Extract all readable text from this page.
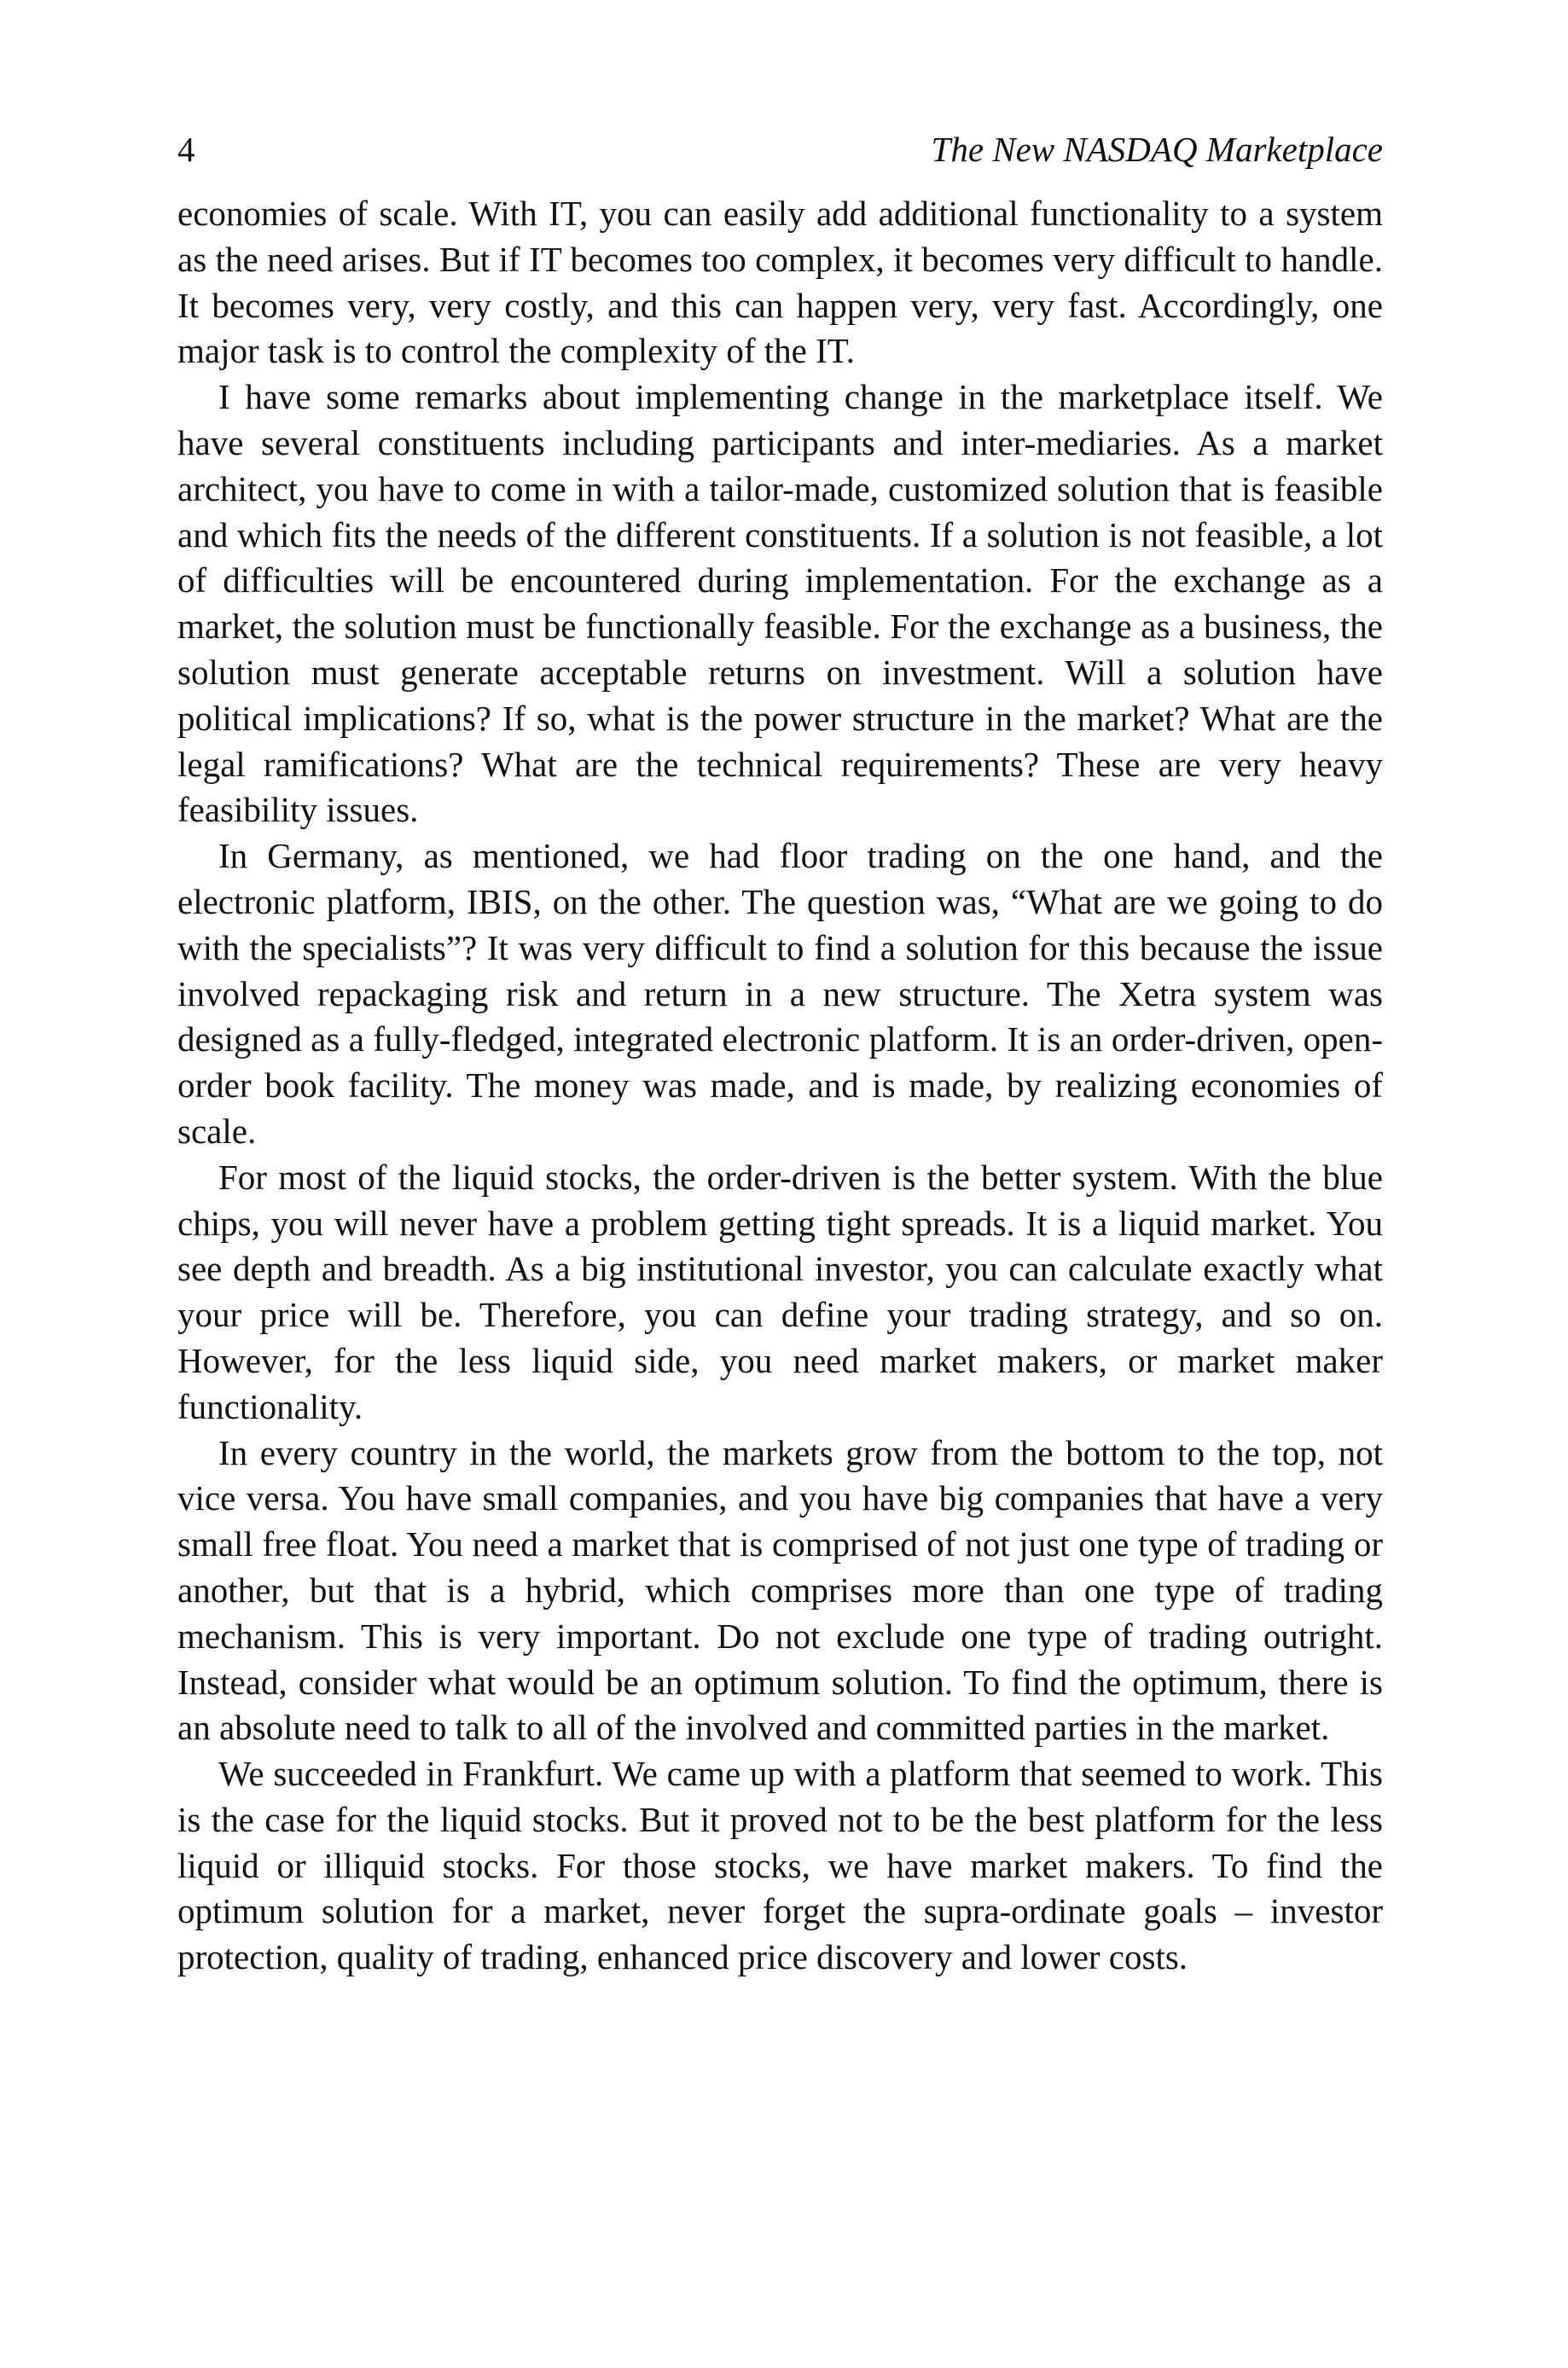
4	The New NASDAQ Marketplace

economies of scale. With IT, you can easily add additional functionality to a system as the need arises. But if IT becomes too complex, it becomes very difficult to handle. It becomes very, very costly, and this can happen very, very fast. Accordingly, one major task is to control the complexity of the IT.

I have some remarks about implementing change in the marketplace itself. We have several constituents including participants and inter-mediaries. As a market architect, you have to come in with a tailor-made, customized solution that is feasible and which fits the needs of the different constituents. If a solution is not feasible, a lot of difficulties will be encountered during implementation. For the exchange as a market, the solution must be functionally feasible. For the exchange as a business, the solution must generate acceptable returns on investment. Will a solution have political implications? If so, what is the power structure in the market? What are the legal ramifications? What are the technical requirements? These are very heavy feasibility issues.

In Germany, as mentioned, we had floor trading on the one hand, and the electronic platform, IBIS, on the other. The question was, “What are we going to do with the specialists”? It was very difficult to find a solution for this because the issue involved repackaging risk and return in a new structure. The Xetra system was designed as a fully-fledged, integrated electronic platform. It is an order-driven, open-order book facility. The money was made, and is made, by realizing economies of scale.

For most of the liquid stocks, the order-driven is the better system. With the blue chips, you will never have a problem getting tight spreads. It is a liquid market. You see depth and breadth. As a big institutional investor, you can calculate exactly what your price will be. Therefore, you can define your trading strategy, and so on. However, for the less liquid side, you need market makers, or market maker functionality.

In every country in the world, the markets grow from the bottom to the top, not vice versa. You have small companies, and you have big companies that have a very small free float. You need a market that is comprised of not just one type of trading or another, but that is a hybrid, which comprises more than one type of trading mechanism. This is very important. Do not exclude one type of trading outright. Instead, consider what would be an optimum solution. To find the optimum, there is an absolute need to talk to all of the involved and committed parties in the market.

We succeeded in Frankfurt. We came up with a platform that seemed to work. This is the case for the liquid stocks. But it proved not to be the best platform for the less liquid or illiquid stocks. For those stocks, we have market makers. To find the optimum solution for a market, never forget the supra-ordinate goals – investor protection, quality of trading, enhanced price discovery and lower costs.
